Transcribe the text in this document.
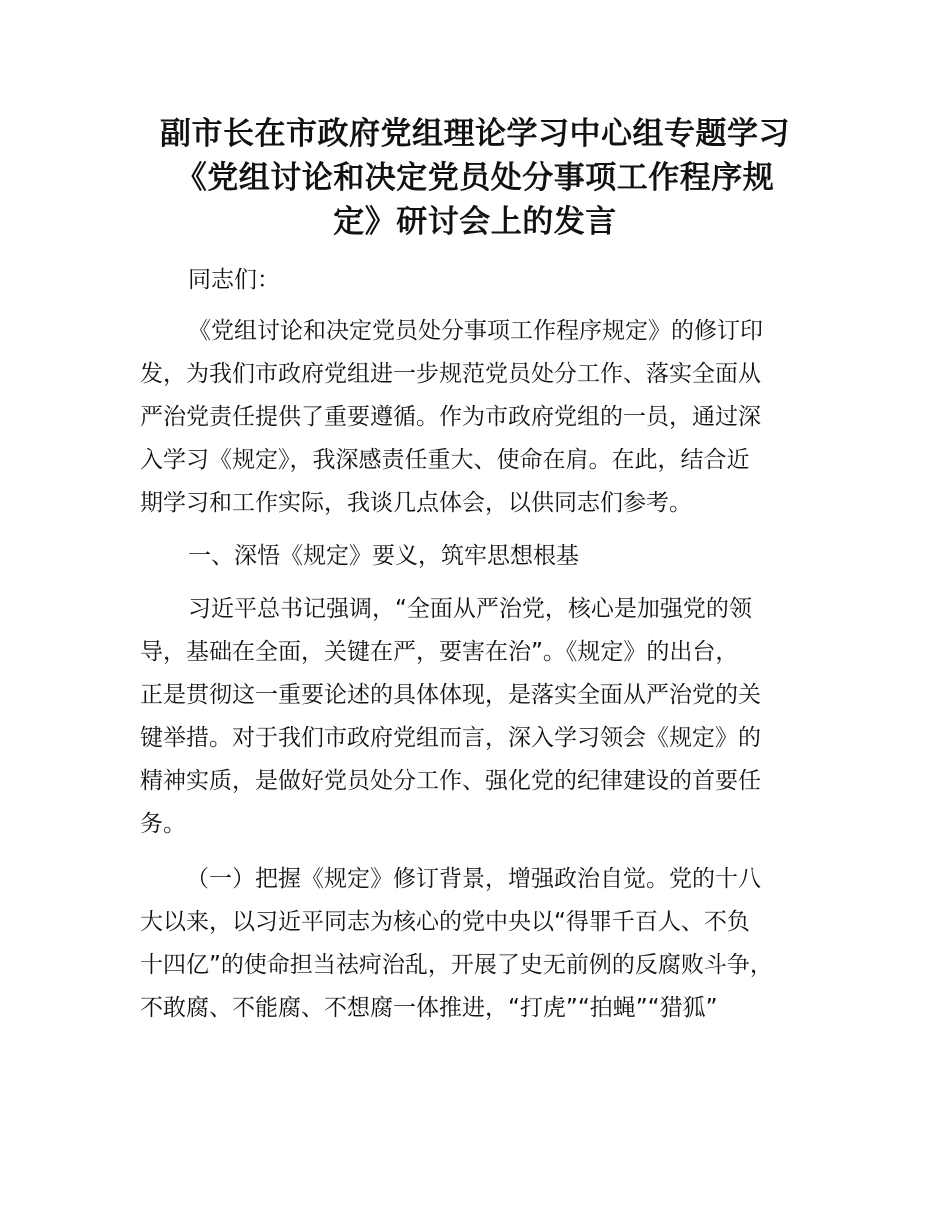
副市长在市政府党组理论学习中心组专题学习
《党组讨论和决定党员处分事项工作程序规
定》研讨会上的发言

同志们：

《党组讨论和决定党员处分事项工作程序规定》的修订印
发，为我们市政府党组进一步规范党员处分工作、落实全面从
严治党责任提供了重要遵循。作为市政府党组的一员，通过深
入学习《规定》，我深感责任重大、使命在肩。在此，结合近
期学习和工作实际，我谈几点体会，以供同志们参考。

一、深悟《规定》要义，筑牢思想根基

习近平总书记强调，“全面从严治党，核心是加强党的领
导，基础在全面，关键在严，要害在治”。《规定》的出台，
正是贯彻这一重要论述的具体体现，是落实全面从严治党的关
键举措。对于我们市政府党组而言，深入学习领会《规定》的
精神实质，是做好党员处分工作、强化党的纪律建设的首要任
务。

（一）把握《规定》修订背景，增强政治自觉。党的十八
大以来，以习近平同志为核心的党中央以“得罪千百人、不负
十四亿”的使命担当祛疴治乱，开展了史无前例的反腐败斗争，
不敢腐、不能腐、不想腐一体推进，“打虎”“拍蝇”“猎狐”
